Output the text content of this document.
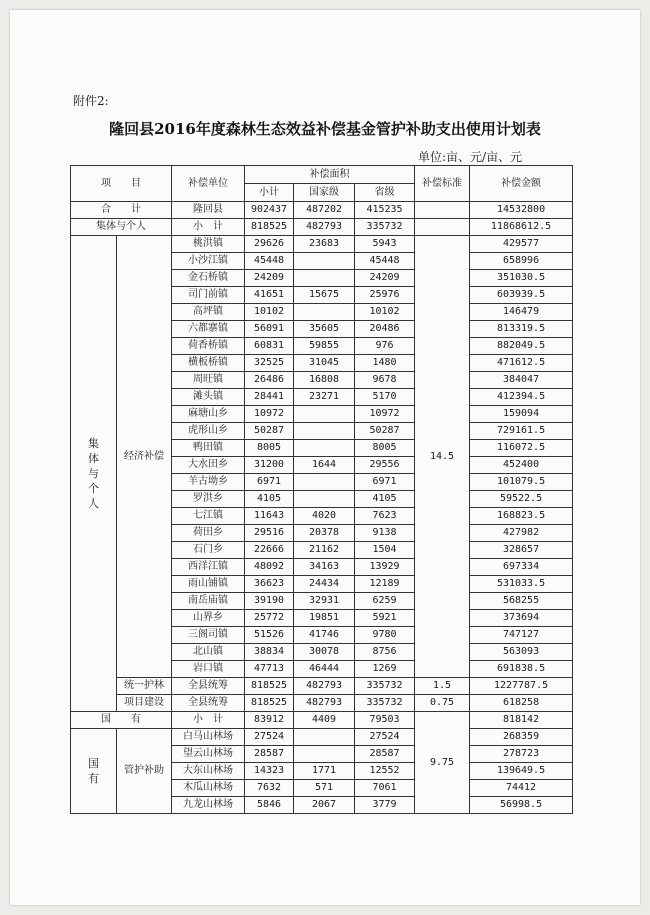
附件2:
隆回县2016年度森林生态效益补偿基金管护补助支出使用计划表
单位:亩、元/亩、元
项　　目		补偿单位	补偿面积			补偿标准	补偿金额
			小计	国家级	省级		
合　　计		隆回县	902437	487202	415235		14532800
集体与个人		小　计	818525	482793	335732		11868612.5

集
体
与
个
人	经济补偿	桃洪镇	29626	23683	5943	14.5	429577
		小沙江镇	45448		45448		658996
		金石桥镇	24209		24209		351030.5
		司门前镇	41651	15675	25976		603939.5
		高坪镇	10102		10102		146479
		六都寨镇	56091	35605	20486		813319.5
		荷香桥镇	60831	59855	976		882049.5
		横板桥镇	32525	31045	1480		471612.5
		周旺镇	26486	16808	9678		384047
		滩头镇	28441	23271	5170		412394.5
		麻塘山乡	10972		10972		159094
		虎形山乡	50287		50287		729161.5
		鸭田镇	8005		8005		116072.5
		大水田乡	31200	1644	29556		452400
		羊古坳乡	6971		6971		101079.5
		罗洪乡	4105		4105		59522.5
		七江镇	11643	4020	7623		168823.5
		荷田乡	29516	20378	9138		427982
		石门乡	22666	21162	1504		328657
		西洋江镇	48092	34163	13929		697334
		雨山铺镇	36623	24434	12189		531033.5
		南岳庙镇	39190	32931	6259		568255
		山界乡	25772	19851	5921		373694
		三阁司镇	51526	41746	9780		747127
		北山镇	38834	30078	8756		563093
		岩口镇	47713	46444	1269		691838.5
	统一护林	全县统筹	818525	482793	335732	1.5	1227787.5
	项目建设	全县统筹	818525	482793	335732	0.75	618258
国　　有		小　计	83912	4409	79503	9.75	818142

国
有	管护补助	白马山林场	27524		27524		268359
		望云山林场	28587		28587		278723
		大东山林场	14323	1771	12552		139649.5
		木瓜山林场	7632	571	7061		74412
		九龙山林场	5846	2067	3779		56998.5
